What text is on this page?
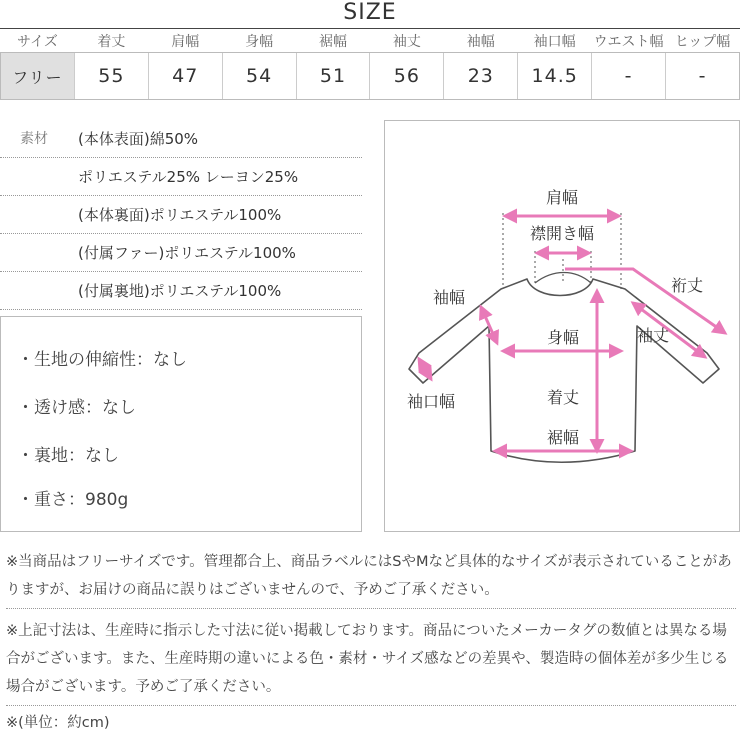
SIZE
サイズ	着丈	肩幅	身幅	裾幅	袖丈	袖幅	袖口幅	ウエスト幅	ヒップ幅
フリー	55	47	54	51	56	23	14.5	-	-
素材 (本体表面)綿50%
ポリエステル25% レーヨン25%
(本体裏面)ポリエステル100%
(付属ファー)ポリエステル100%
(付属裏地)ポリエステル100%
・生地の伸縮性：なし
・透け感：なし
・裏地：なし
・重さ：980g
肩幅
襟開き幅
裄丈
袖幅
袖丈
身幅
袖口幅	着丈
裾幅
※当商品はフリーサイズです。管理都合上、商品ラベルにはSやMなど具体的なサイズが表示されていることがありますが、お届けの商品に誤りはございませんので、予めご了承ください。
※上記寸法は、生産時に指示した寸法に従い掲載しております。商品についたメーカータグの数値とは異なる場合がございます。また、生産時期の違いによる色・素材・サイズ感などの差異や、製造時の個体差が多少生じる場合がございます。予めご了承ください。
※(単位：約cm)
